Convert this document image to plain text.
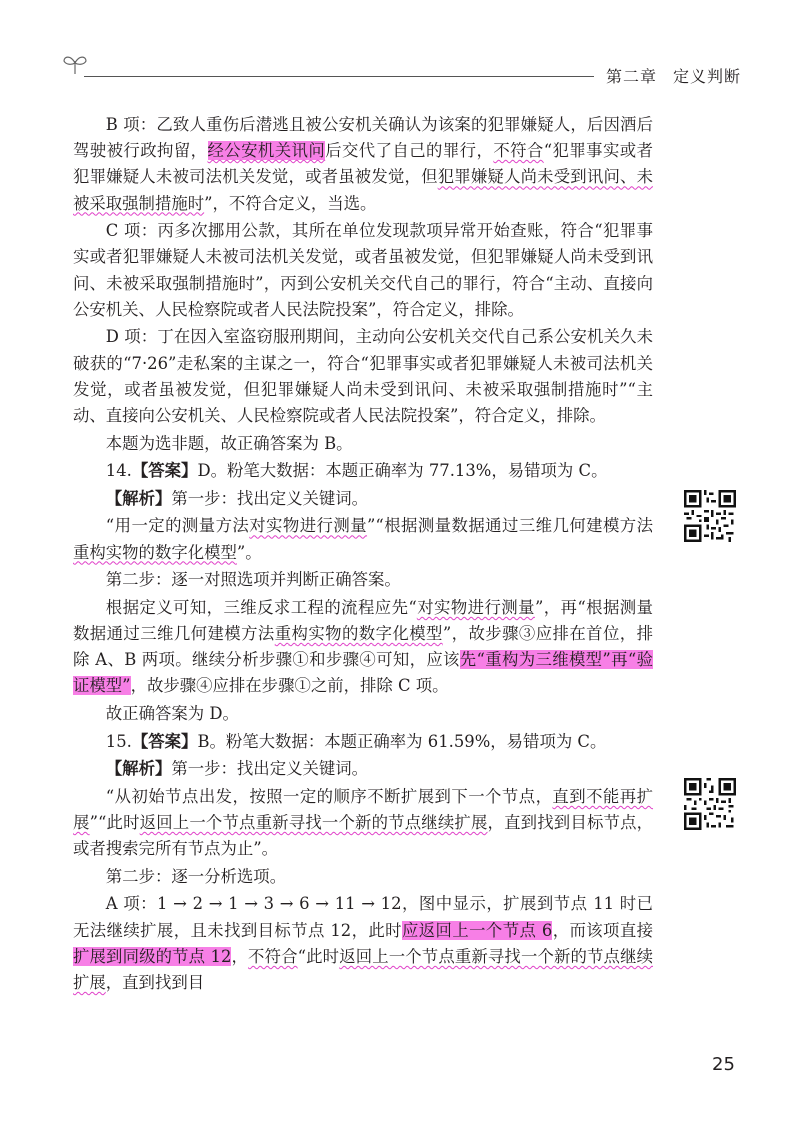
第二章 定义判断

B 项：乙致人重伤后潜逃且被公安机关确认为该案的犯罪嫌疑人，后因酒后驾驶被行政拘留，经公安机关讯问后交代了自己的罪行，不符合“犯罪事实或者犯罪嫌疑人未被司法机关发觉，或者虽被发觉，但犯罪嫌疑人尚未受到讯问、未被采取强制措施时”，不符合定义，当选。

C 项：丙多次挪用公款，其所在单位发现款项异常开始查账，符合“犯罪事实或者犯罪嫌疑人未被司法机关发觉，或者虽被发觉，但犯罪嫌疑人尚未受到讯问、未被采取强制措施时”，丙到公安机关交代自己的罪行，符合“主动、直接向公安机关、人民检察院或者人民法院投案”，符合定义，排除。

D 项：丁在因入室盗窃服刑期间，主动向公安机关交代自己系公安机关久未破获的“7·26”走私案的主谋之一，符合“犯罪事实或者犯罪嫌疑人未被司法机关发觉，或者虽被发觉，但犯罪嫌疑人尚未受到讯问、未被采取强制措施时”“主动、直接向公安机关、人民检察院或者人民法院投案”，符合定义，排除。

本题为选非题，故正确答案为 B。

14.【答案】D。粉笔大数据：本题正确率为 77.13%，易错项为 C。

【解析】第一步：找出定义关键词。

“用一定的测量方法对实物进行测量”“根据测量数据通过三维几何建模方法重构实物的数字化模型”。

第二步：逐一对照选项并判断正确答案。

根据定义可知，三维反求工程的流程应先“对实物进行测量”，再“根据测量数据通过三维几何建模方法重构实物的数字化模型”，故步骤③应排在首位，排除 A、B 两项。继续分析步骤①和步骤④可知，应该先“重构为三维模型”再“验证模型”，故步骤④应排在步骤①之前，排除 C 项。

故正确答案为 D。

15.【答案】B。粉笔大数据：本题正确率为 61.59%，易错项为 C。

【解析】第一步：找出定义关键词。

“从初始节点出发，按照一定的顺序不断扩展到下一个节点，直到不能再扩展”“此时返回上一个节点重新寻找一个新的节点继续扩展，直到找到目标节点，或者搜索完所有节点为止”。

第二步：逐一分析选项。

A 项：1 → 2 → 1 → 3 → 6 → 11 → 12，图中显示，扩展到节点 11 时已无法继续扩展，且未找到目标节点 12，此时应返回上一个节点 6，而该项直接扩展到同级的节点 12，不符合“此时返回上一个节点重新寻找一个新的节点继续扩展，直到找到目

25
